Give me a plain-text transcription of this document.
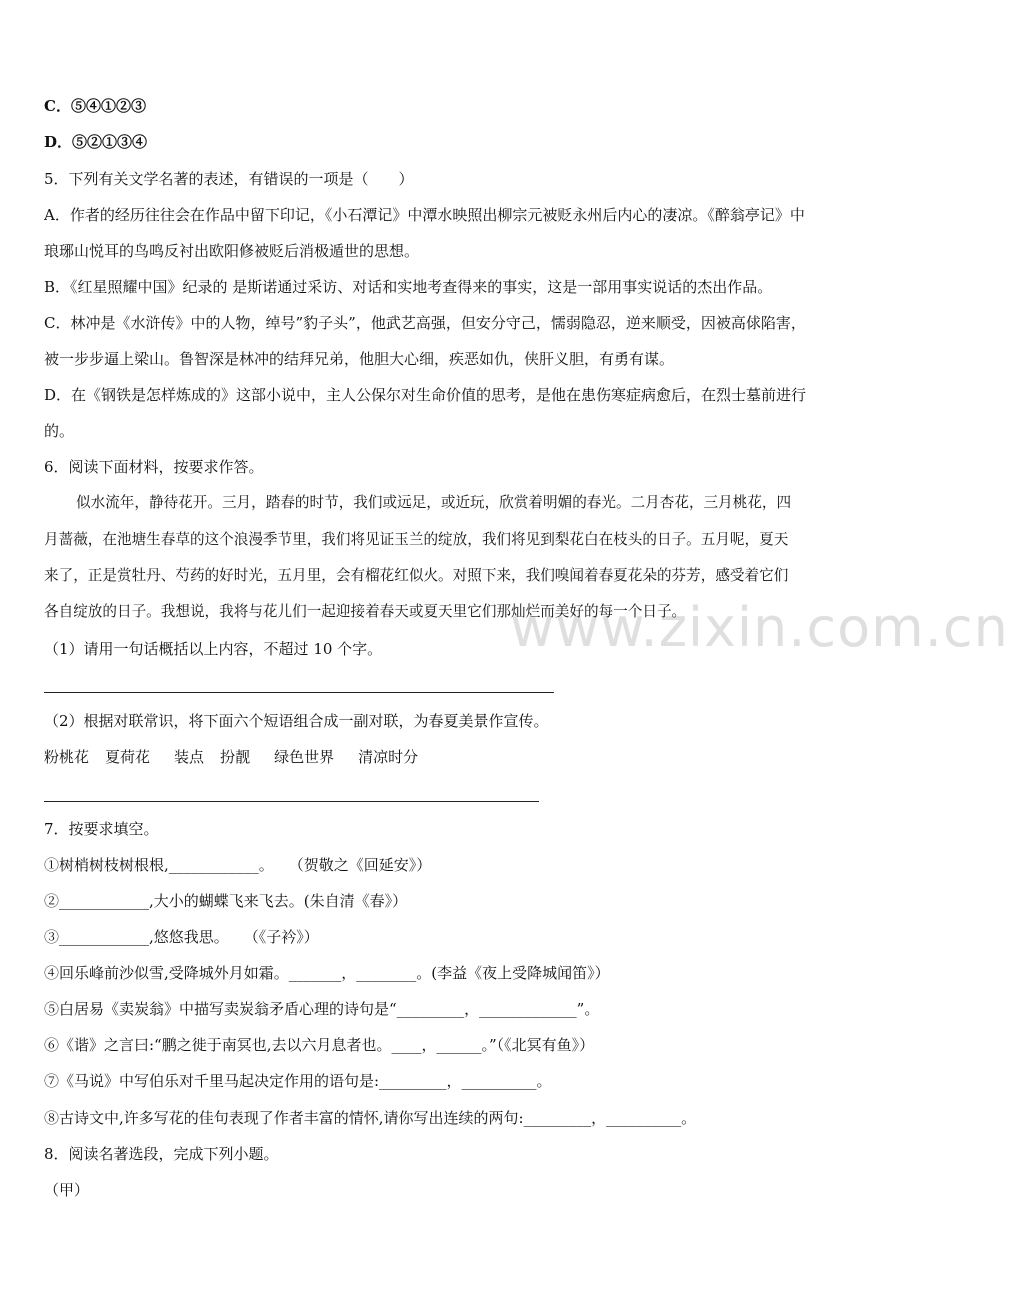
www.zixin.com.cn
C．⑤④①②③
D．⑤②①③④
5．下列有关文学名著的表述，有错误的一项是（　　）
A．作者的经历往往会在作品中留下印记，《小石潭记》中潭水映照出柳宗元被贬永州后内心的凄凉。《醉翁亭记》中
琅琊山悦耳的鸟鸣反衬出欧阳修被贬后消极遁世的思想。
B．《红星照耀中国》纪录的 是斯诺通过采访、对话和实地考查得来的事实，这是一部用事实说话的杰出作品。
C．林冲是《水浒传》中的人物，绰号”豹子头”，他武艺高强，但安分守己，懦弱隐忍，逆来顺受，因被高俅陷害，
被一步步逼上梁山。鲁智深是林冲的结拜兄弟，他胆大心细，疾恶如仇，侠肝义胆，有勇有谋。
D．在《钢铁是怎样炼成的》这部小说中，主人公保尔对生命价值的思考，是他在患伤寒症病愈后，在烈士墓前进行
的。
6．阅读下面材料，按要求作答。
似水流年，静待花开。三月，踏春的时节，我们或远足，或近玩，欣赏着明媚的春光。二月杏花，三月桃花，四
月蔷薇，在池塘生春草的这个浪漫季节里，我们将见证玉兰的绽放，我们将见到梨花白在枝头的日子。五月呢，夏天
来了，正是赏牡丹、芍药的好时光，五月里，会有榴花红似火。对照下来，我们嗅闻着春夏花朵的芬芳，感受着它们
各自绽放的日子。我想说，我将与花儿们一起迎接着春天或夏天里它们那灿烂而美好的每一个日子。
（1）请用一句话概括以上内容，不超过 10 个字。
（2）根据对联常识，将下面六个短语组合成一副对联，为春夏美景作宣传。
粉桃花 夏荷花 装点 扮靓 绿色世界 清凉时分
7．按要求填空。
①树梢树枝树根根,____________。　　（贺敬之《回延安》）
②____________,大小的蝴蝶飞来飞去。(朱自清《春》）
③____________,悠悠我思。　　（《子衿》）
④回乐峰前沙似雪,受降城外月如霜。_______，________。(李益《夜上受降城闻笛》）
⑤白居易《卖炭翁》中描写卖炭翁矛盾心理的诗句是“_________，_____________”。
⑥《谐》之言曰:“鹏之徙于南冥也,去以六月息者也。____，______。”（《北冥有鱼》）
⑦《马说》中写伯乐对千里马起决定作用的语句是:_________，__________。
⑧古诗文中,许多写花的佳句表现了作者丰富的情怀,请你写出连续的两句:_________，__________。
8．阅读名著选段，完成下列小题。
（甲）
